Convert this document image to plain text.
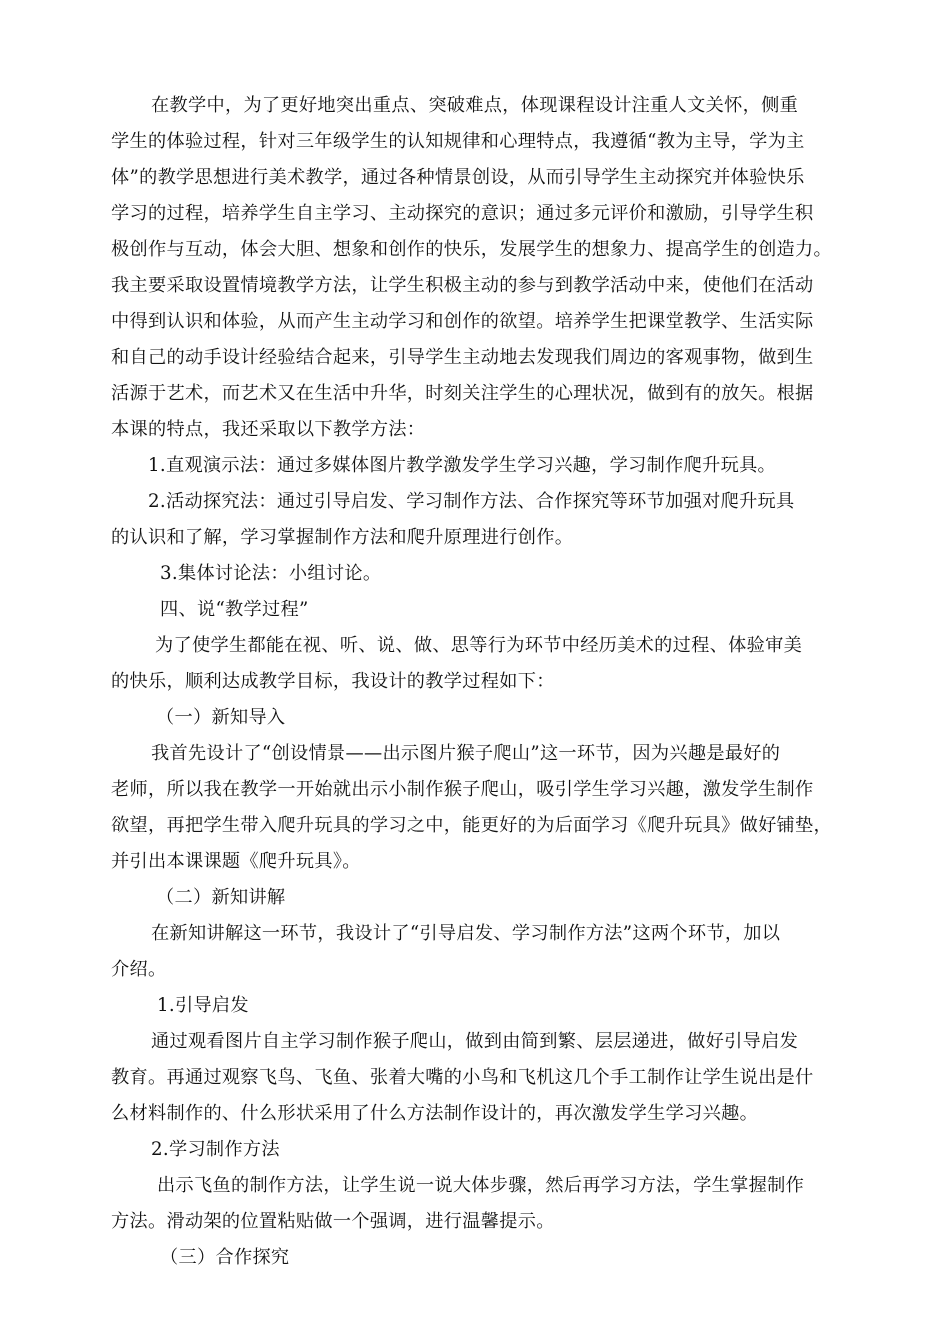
在教学中，为了更好地突出重点、突破难点，体现课程设计注重人文关怀，侧重
学生的体验过程，针对三年级学生的认知规律和心理特点，我遵循“教为主导，学为主
体”的教学思想进行美术教学，通过各种情景创设，从而引导学生主动探究并体验快乐
学习的过程，培养学生自主学习、主动探究的意识；通过多元评价和激励，引导学生积
极创作与互动，体会大胆、想象和创作的快乐，发展学生的想象力、提高学生的创造力。
我主要采取设置情境教学方法，让学生积极主动的参与到教学活动中来，使他们在活动
中得到认识和体验，从而产生主动学习和创作的欲望。培养学生把课堂教学、生活实际
和自己的动手设计经验结合起来，引导学生主动地去发现我们周边的客观事物，做到生
活源于艺术，而艺术又在生活中升华，时刻关注学生的心理状况，做到有的放矢。根据
本课的特点，我还采取以下教学方法：
1.直观演示法：通过多媒体图片教学激发学生学习兴趣，学习制作爬升玩具。
2.活动探究法：通过引导启发、学习制作方法、合作探究等环节加强对爬升玩具
的认识和了解，学习掌握制作方法和爬升原理进行创作。
3.集体讨论法：小组讨论。
四、说“教学过程”
为了使学生都能在视、听、说、做、思等行为环节中经历美术的过程、体验审美
的快乐，顺利达成教学目标，我设计的教学过程如下：
（一）新知导入
我首先设计了“创设情景——出示图片猴子爬山”这一环节，因为兴趣是最好的
老师，所以我在教学一开始就出示小制作猴子爬山，吸引学生学习兴趣，激发学生制作
欲望，再把学生带入爬升玩具的学习之中，能更好的为后面学习《爬升玩具》做好铺垫，
并引出本课课题《爬升玩具》。
（二）新知讲解
在新知讲解这一环节，我设计了“引导启发、学习制作方法”这两个环节，加以
介绍。
1.引导启发
通过观看图片自主学习制作猴子爬山，做到由简到繁、层层递进，做好引导启发
教育。再通过观察飞鸟、飞鱼、张着大嘴的小鸟和飞机这几个手工制作让学生说出是什
么材料制作的、什么形状采用了什么方法制作设计的，再次激发学生学习兴趣。
2.学习制作方法
出示飞鱼的制作方法，让学生说一说大体步骤，然后再学习方法，学生掌握制作
方法。滑动架的位置粘贴做一个强调，进行温馨提示。
（三）合作探究
